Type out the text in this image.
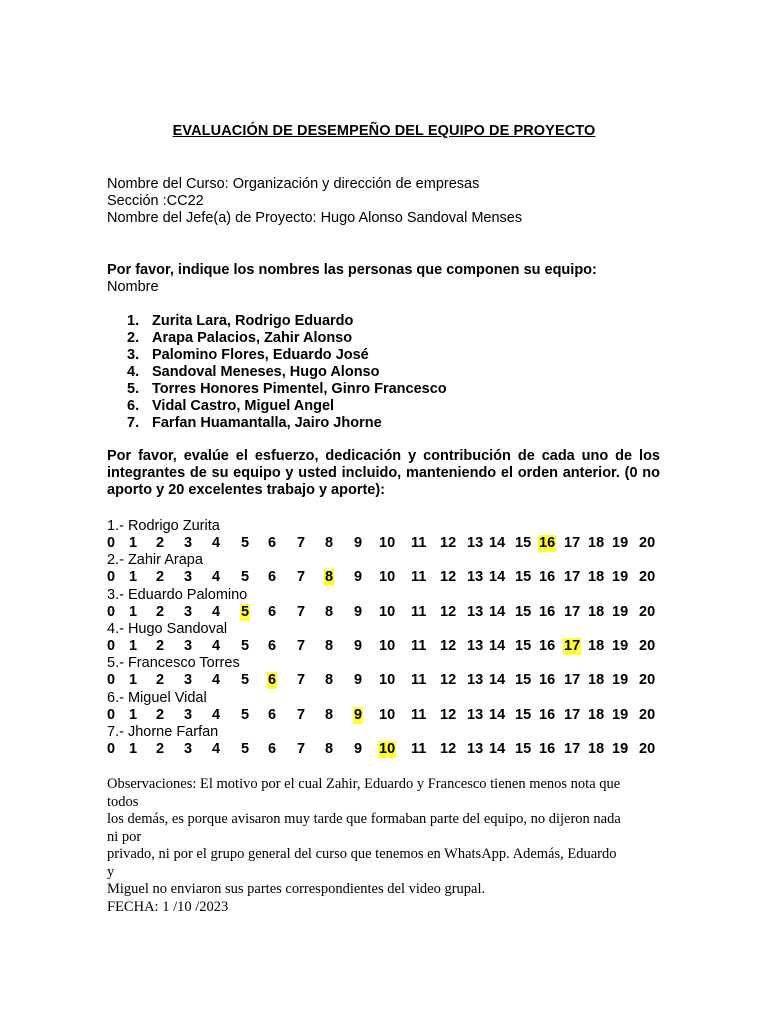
EVALUACIÓN DE DESEMPEÑO DEL EQUIPO DE PROYECTO
Nombre del Curso: Organización y dirección de empresas
Sección :CC22
Nombre del Jefe(a) de Proyecto: Hugo Alonso Sandoval Menses
Por favor, indique los nombres las personas que componen su equipo:
Nombre
1. Zurita Lara, Rodrigo Eduardo
2. Arapa Palacios, Zahir Alonso
3. Palomino Flores, Eduardo José
4. Sandoval Meneses, Hugo Alonso
5. Torres Honores Pimentel, Ginro Francesco
6. Vidal Castro, Miguel Angel
7. Farfan Huamantalla, Jairo Jhorne
Por favor, evalúe el esfuerzo, dedicación y contribución de cada uno de los integrantes de su equipo y usted incluido, manteniendo el orden anterior. (0 no aporto y 20 excelentes trabajo y aporte):
1.- Rodrigo Zurita
0 1 2 3 4 5 6 7 8 9 10 11 12 13 14 15 16 17 18 19 20
2.- Zahir Arapa
0 1 2 3 4 5 6 7 8 9 10 11 12 13 14 15 16 17 18 19 20
3.- Eduardo Palomino
0 1 2 3 4 5 6 7 8 9 10 11 12 13 14 15 16 17 18 19 20
4.- Hugo Sandoval
0 1 2 3 4 5 6 7 8 9 10 11 12 13 14 15 16 17 18 19 20
5.- Francesco Torres
0 1 2 3 4 5 6 7 8 9 10 11 12 13 14 15 16 17 18 19 20
6.- Miguel Vidal
0 1 2 3 4 5 6 7 8 9 10 11 12 13 14 15 16 17 18 19 20
7.- Jhorne Farfan
0 1 2 3 4 5 6 7 8 9 10 11 12 13 14 15 16 17 18 19 20

Observaciones: El motivo por el cual Zahir, Eduardo y Francesco tienen menos nota que todos

los demás, es porque avisaron muy tarde que formaban parte del equipo, no dijeron nada ni por

privado, ni por el grupo general del curso que tenemos en WhatsApp. Además, Eduardo y

Miguel no enviaron sus partes correspondientes del video grupal.

FECHA: 1 /10 /2023
